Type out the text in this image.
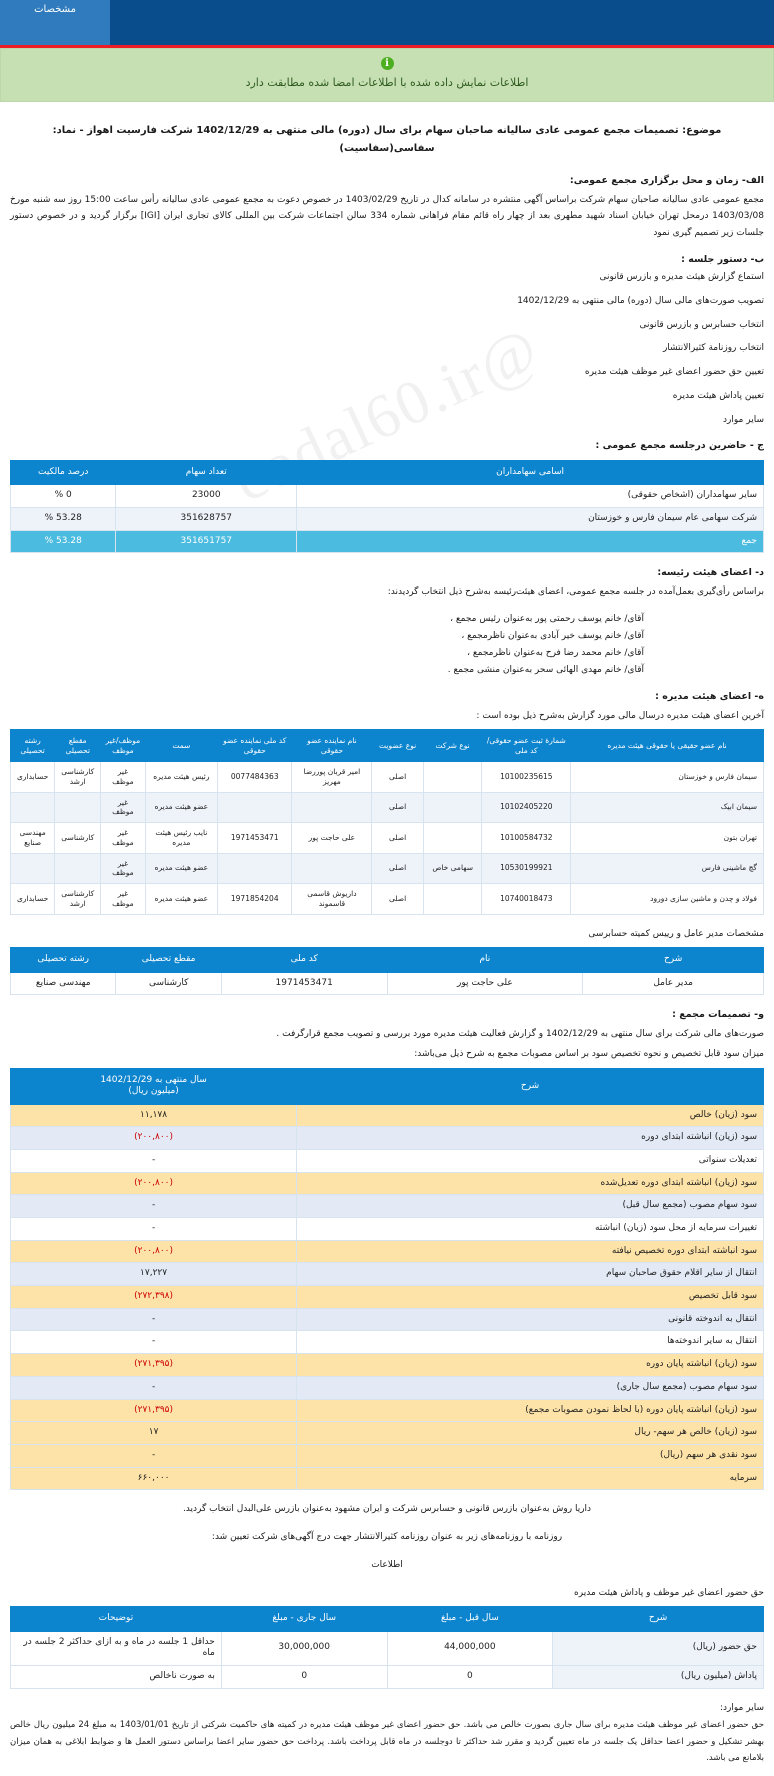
@codal60.ir
مشخصات
i
اطلاعات نمایش داده شده با اطلاعات امضا شده مطابقت دارد
موضوع: تصمیمات مجمع عمومی عادی سالیانه صاحبان سهام برای سال (دوره) مالی منتهی به 1402/12/29 شرکت فارسیت اهواز - نماد: سفاسی(سفاسیت)
الف- زمان و محل برگزاری مجمع عمومی:

مجمع عمومی عادی سالیانه صاحبان سهام شرکت براساس آگهی منتشره در سامانه کدال در تاریخ 1403/02/29 در خصوص دعوت به مجمع عمومی عادی سالیانه رأس ساعت 15:00 روز سه شنبه مورخ 1403/03/08 درمحل تهران خیابان اسناد شهید مطهری بعد از چهار راه قائم مقام فراهانی شماره 334 سالن اجتماعات شرکت بین المللی کالای تجاری ایران [IGI] برگزار گردید و در خصوص دستور جلسات زیر تصمیم گیری نمود

ب- دستور جلسه :
استماع گزارش هیئت مدیره و بازرس قانونی
تصویب صورت‌های مالی سال (دوره) مالی منتهی به 1402/12/29
انتخاب حسابرس و بازرس قانونی
انتخاب روزنامة کثیرالانتشار
تعیین حق حضور اعضای غیر موظف هیئت مدیره
تعیین پاداش هیئت مدیره
سایر موارد
ج - حاضرین درجلسه مجمع عمومی :
اسامی سهامداران	تعداد سهام	درصد مالکیت
سایر سهامداران (اشخاص حقوقی)	23000	0 %
شرکت سهامی عام سیمان فارس و خوزستان	351628757	53.28 %
جمع	351651757	53.28 %
د- اعضای هیئت رئیسه:

براساس رأی‌گیری بعمل‌آمده در جلسه مجمع عمومی، اعضای هیئت‌رئیسه به‌شرح ذیل انتخاب گردیدند:

آقای/ خانم یوسف رحمتی پور به‌عنوان رئیس مجمع ،
آقای/ خانم یوسف خیر آبادی به‌عنوان ناظرمجمع ،
آقای/ خانم محمد رضا فرح به‌عنوان ناظرمجمع ،
آقای/ خانم مهدی الهائی سحر به‌عنوان منشی مجمع .
ه- اعضای هیئت مدیره :

آخرین اعضای هیئت مدیره درسال مالی مورد گزارش به‌شرح ذیل بوده است :

نام عضو حقیقی یا حقوقی هیئت مدیره	شمارۀ ثبت عضو حقوقی/کد ملی	نوع شرکت	نوع عضویت	نام نماینده عضو حقوقی	کد ملی نماینده عضو حقوقی	سمت	موظف/غیر موظف	مقطع تحصیلی	رشته تحصیلی
سیمان فارس و خوزستان	10100235615		اصلی	امیر قربان پوررضا مهریز	0077484363	رئیس هیئت مدیره	غیر موظف	کارشناسی ارشد	حسابداری
سیمان ابیک	10102405220		اصلی			عضو هیئت مدیره	غیر موظف		
تهران بتون	10100584732		اصلی	علی حاجت پور	1971453471	نایب رئیس هیئت مدیره	غیر موظف	کارشناسی	مهندسی صنایع
گچ ماشینی فارس	10530199921	سهامی خاص	اصلی			عضو هیئت مدیره	غیر موظف		
فولاد و چدن و ماشین سازی دورود	10740018473		اصلی	داریوش قاسمی قاسموند	1971854204	عضو هیئت مدیره	غیر موظف	کارشناسی ارشد	حسابداری
مشخصات مدیر عامل و رییس کمیته حسابرسی
شرح	نام	کد ملی	مقطع تحصیلی	رشته تحصیلی
مدیر عامل	علی حاجت پور	1971453471	کارشناسی	مهندسی صنایع
و- تصمیمات مجمع :

صورت‌های مالی شرکت برای سال منتهی به 1402/12/29 و گزارش فعالیت هیئت مدیره مورد بررسی و تصویب مجمع قرارگرفت .

میزان سود قابل تخصیص و نحوه تخصیص سود بر اساس مصوبات مجمع به شرح ذیل می‌باشد:

شرح	سال منتهی به 1402/12/29
(میلیون ریال)
سود (زیان) خالص	۱۱,۱۷۸
سود (زیان) انباشته ابتدای دوره	(۲۰۰,۸۰۰)
تعدیلات سنواتی	-
سود (زیان) انباشته ابتدای دوره تعدیل‌شده	(۲۰۰,۸۰۰)
سود سهام مصوب (مجمع سال قبل)	-
تغییرات سرمایه از محل سود (زیان) انباشته	-
سود انباشته ابتدای دوره تخصیص نیافته	(۲۰۰,۸۰۰)
انتقال از سایر اقلام حقوق صاحبان سهام	۱۷,۲۲۷
سود قابل تخصیص	(۲۷۲,۳۹۸)
انتقال به اندوخته قانونی	-
انتقال به سایر اندوخته‌ها	-
سود (زیان) انباشته پایان دوره	(۲۷۱,۳۹۵)
سود سهام مصوب (مجمع سال جاری)	-
سود (زیان) انباشته پایان دوره (با لحاظ نمودن مصوبات مجمع)	(۲۷۱,۳۹۵)
سود (زیان) خالص هر سهم- ریال	۱۷
سود نقدی هر سهم (ریال)	-
سرمایه	۶۶۰,۰۰۰
داریا روش به‌عنوان بازرس قانونی و حسابرس شرکت و ایران مشهود به‌عنوان بازرس علی‌البدل انتخاب گردید.
روزنامه با روزنامه‌های زیر به عنوان روزنامه کثیرالانتشار جهت درج آگهی‌های شرکت تعیین شد:
اطلاعات
حق حضور اعضای غیر موظف و پاداش هیئت مدیره
شرح	سال قبل - مبلغ	سال جاری - مبلغ	توضیحات
حق حضور (ریال)	44,000,000	30,000,000	حداقل 1 جلسه در ماه و به ازای حداکثر 2 جلسه در ماه
پاداش (میلیون ریال)	0	0	به صورت ناخالص
سایر موارد:

حق حضور اعضای غیر موظف هیئت مدیره برای سال جاری بصورت خالص می باشد. حق حضور اعضای غیر موظف هیئت مدیره در کمیته های حاکمیت شرکتی از تاریخ 1403/01/01 به مبلغ 24 میلیون ریال خالص بهشر تشکیل و حضور اعضا حداقل یک جلسه در ماه تعیین گردید و مقرر شد حداکثر تا دوجلسه در ماه قابل پرداخت باشد. پرداخت حق حضور سایر اعضا براساس دستور العمل ها و ضوابط ابلاغی به همان میزان بلامانع می باشد.
